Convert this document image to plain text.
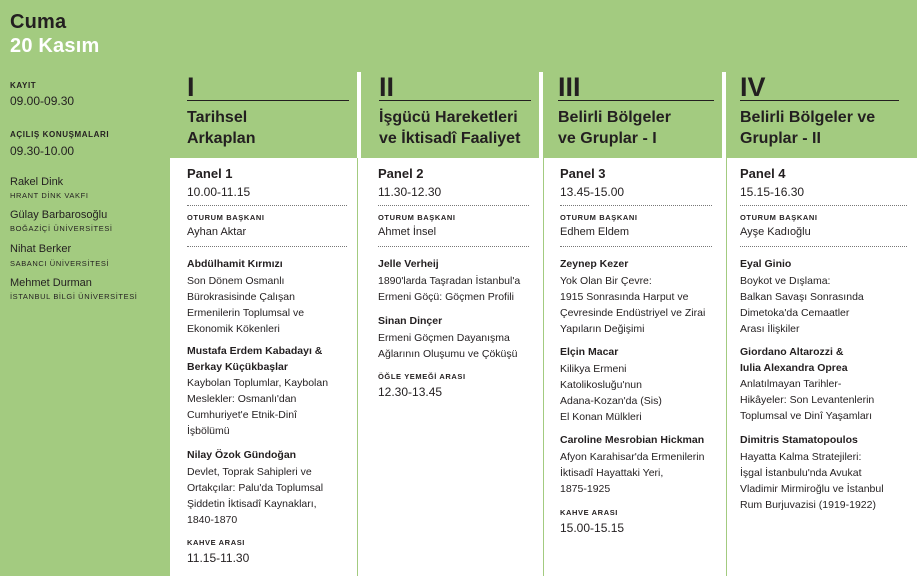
Cuma
20 Kasım
KAYIT
09.00-09.30
AÇILIŞ KONUŞMALARI
09.30-10.00
Rakel Dink
HRANT DİNK VAKFI
Gülay Barbarosoğlu
BOĞAZİÇİ ÜNİVERSİTESİ
Nihat Berker
SABANCI ÜNİVERSİTESİ
Mehmet Durman
İSTANBUL BİLGİ ÜNİVERSİTESİ
I
Tarihsel
Arkaplan
Panel 1
10.00-11.15
OTURUM BAŞKANI
Ayhan Aktar
Abdülhamit Kırmızı
Son Dönem Osmanlı
Bürokrasisinde Çalışan
Ermenilerin Toplumsal ve
Ekonomik Kökenleri
Mustafa Erdem Kabadayı &
Berkay Küçükbaşlar
Kaybolan Toplumlar, Kaybolan
Meslekler: Osmanlı'dan
Cumhuriyet'e Etnik-Dinî
İşbölümü
Nilay Özok Gündoğan
Devlet, Toprak Sahipleri ve
Ortakçılar: Palu'da Toplumsal
Şiddetin İktisadî Kaynakları,
1840-1870
KAHVE ARASI
11.15-11.30
II
İşgücü Hareketleri
ve İktisadî Faaliyet
Panel 2
11.30-12.30
OTURUM BAŞKANI
Ahmet İnsel
Jelle Verheij
1890'larda Taşradan İstanbul'a
Ermeni Göçü: Göçmen Profili
Sinan Dinçer
Ermeni Göçmen Dayanışma
Ağlarının Oluşumu ve Çöküşü
ÖĞLE YEMEĞİ ARASI
12.30-13.45
III
Belirli Bölgeler
ve Gruplar - I
Panel 3
13.45-15.00
OTURUM BAŞKANI
Edhem Eldem
Zeynep Kezer
Yok Olan Bir Çevre:
1915 Sonrasında Harput ve
Çevresinde Endüstriyel ve Zirai
Yapıların Değişimi
Elçin Macar
Kilikya Ermeni
Katolikosluğu'nun
Adana-Kozan'da (Sis)
El Konan Mülkleri
Caroline Mesrobian Hickman
Afyon Karahisar'da Ermenilerin
İktisadî Hayattaki Yeri,
1875-1925
KAHVE ARASI
15.00-15.15
IV
Belirli Bölgeler ve
Gruplar - II
Panel 4
15.15-16.30
OTURUM BAŞKANI
Ayşe Kadıoğlu
Eyal Ginio
Boykot ve Dışlama:
Balkan Savaşı Sonrasında
Dimetoka'da Cemaatler
Arası İlişkiler
Giordano Altarozzi &
Iulia Alexandra Oprea
Anlatılmayan Tarihler-
Hikâyeler: Son Levantenlerin
Toplumsal ve Dinî Yaşamları
Dimitris Stamatopoulos
Hayatta Kalma Stratejileri:
İşgal İstanbulu'nda Avukat
Vladimir Mirmiroğlu ve İstanbul
Rum Burjuvazisi (1919-1922)
